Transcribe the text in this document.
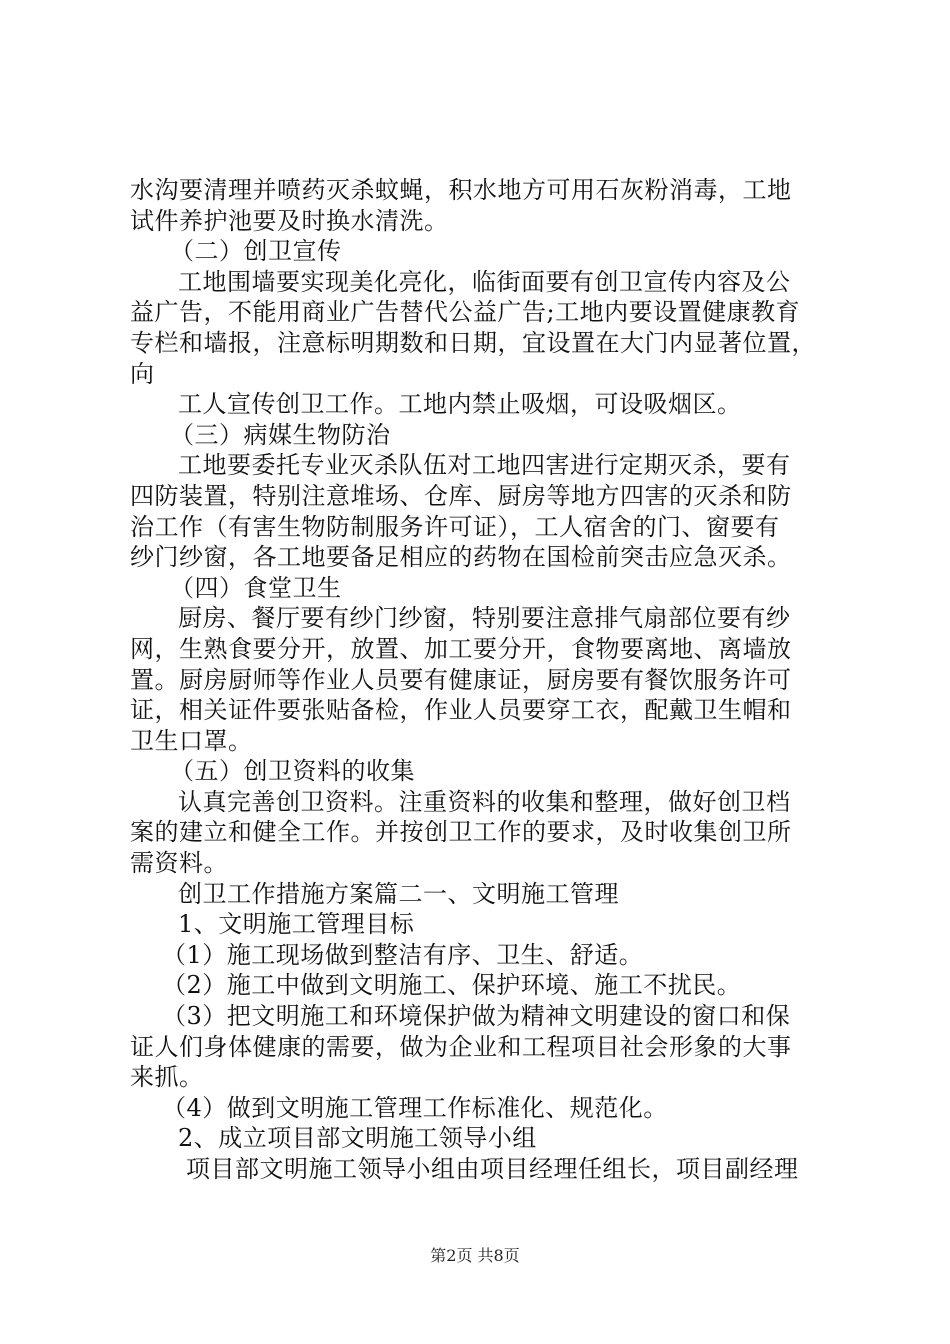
水沟要清理并喷药灭杀蚊蝇，积水地方可用石灰粉消毒，工地
试件养护池要及时换水清洗。
（二）创卫宣传
工地围墙要实现美化亮化，临街面要有创卫宣传内容及公
益广告，不能用商业广告替代公益广告;工地内要设置健康教育
专栏和墙报，注意标明期数和日期，宜设置在大门内显著位置，
向
工人宣传创卫工作。工地内禁止吸烟，可设吸烟区。
（三）病媒生物防治
工地要委托专业灭杀队伍对工地四害进行定期灭杀，要有
四防装置，特别注意堆场、仓库、厨房等地方四害的灭杀和防
治工作（有害生物防制服务许可证），工人宿舍的门、窗要有
纱门纱窗，各工地要备足相应的药物在国检前突击应急灭杀。
（四）食堂卫生
厨房、餐厅要有纱门纱窗，特别要注意排气扇部位要有纱
网，生熟食要分开，放置、加工要分开，食物要离地、离墙放
置。厨房厨师等作业人员要有健康证，厨房要有餐饮服务许可
证，相关证件要张贴备检，作业人员要穿工衣，配戴卫生帽和
卫生口罩。
（五）创卫资料的收集
认真完善创卫资料。注重资料的收集和整理，做好创卫档
案的建立和健全工作。并按创卫工作的要求，及时收集创卫所
需资料。
创卫工作措施方案篇二一、文明施工管理
1、文明施工管理目标
（1）施工现场做到整洁有序、卫生、舒适。
（2）施工中做到文明施工、保护环境、施工不扰民。
（3）把文明施工和环境保护做为精神文明建设的窗口和保
证人们身体健康的需要，做为企业和工程项目社会形象的大事
来抓。
（4）做到文明施工管理工作标准化、规范化。
2、成立项目部文明施工领导小组
项目部文明施工领导小组由项目经理任组长，项目副经理
第2页 共8页
